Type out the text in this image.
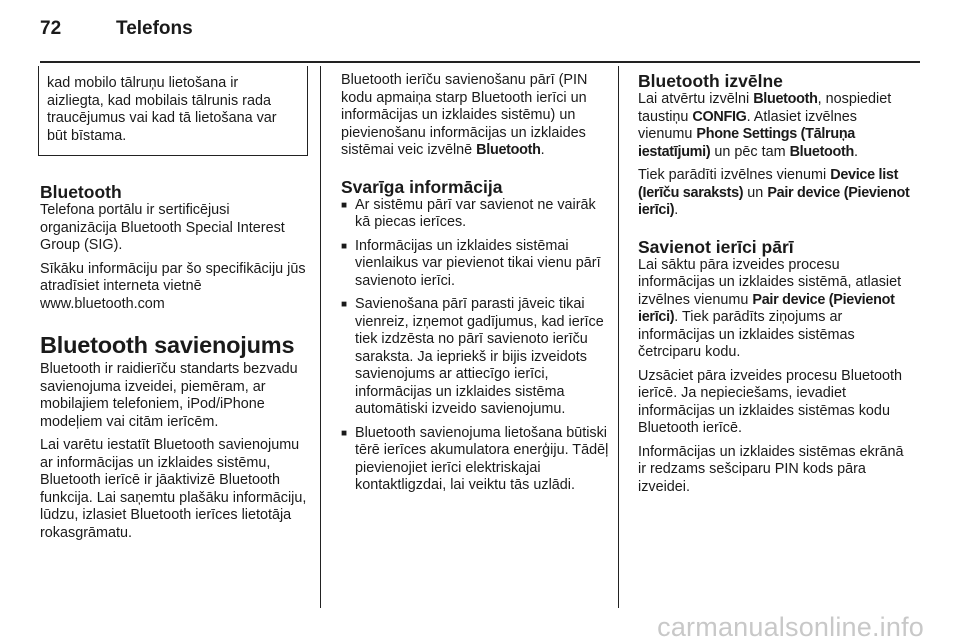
72	Telefons
kad mobilo tālruņu lietošana ir aizliegta, kad mobilais tālrunis rada traucējumus vai kad tā lietošana var būt bīstama.
Bluetooth

Telefona portālu ir sertificējusi organizācija Bluetooth Special Interest Group (SIG).

Sīkāku informāciju par šo specifikāciju jūs atradīsiet interneta vietnē www.bluetooth.com

Bluetooth savienojums

Bluetooth ir raidierīču standarts bezvadu savienojuma izveidei, piemēram, ar mobilajiem telefoniem, iPod/iPhone modeļiem vai citām ierīcēm.

Lai varētu iestatīt Bluetooth savienojumu ar informācijas un izklaides sistēmu, Bluetooth ierīcē ir jāaktivizē Bluetooth funkcija. Lai saņemtu plašāku informāciju, lūdzu, izlasiet Bluetooth ierīces lietotāja rokasgrāmatu.

Bluetooth ierīču savienošanu pārī (PIN kodu apmaiņa starp Bluetooth ierīci un informācijas un izklaides sistēmu) un pievienošanu informācijas un izklaides sistēmai veic izvēlnē Bluetooth.

Svarīga informācija
■ Ar sistēmu pārī var savienot ne vairāk kā piecas ierīces.
■ Informācijas un izklaides sistēmai vienlaikus var pievienot tikai vienu pārī savienoto ierīci.
■ Savienošana pārī parasti jāveic tikai vienreiz, izņemot gadījumus, kad ierīce tiek izdzēsta no pārī savienoto ierīču saraksta. Ja iepriekš ir bijis izveidots savienojums ar attiecīgo ierīci, informācijas un izklaides sistēma automātiski izveido savienojumu.
■ Bluetooth savienojuma lietošana būtiski tērē ierīces akumulatora enerģiju. Tādēļ pievienojiet ierīci elektriskajai kontaktligzdai, lai veiktu tās uzlādi.
Bluetooth izvēlne

Lai atvērtu izvēlni Bluetooth, nospiediet taustiņu CONFIG. Atlasiet izvēlnes vienumu Phone Settings (Tālruņa iestatījumi) un pēc tam Bluetooth.

Tiek parādīti izvēlnes vienumi Device list (Ierīču saraksts) un Pair device (Pievienot ierīci).

Savienot ierīci pārī

Lai sāktu pāra izveides procesu informācijas un izklaides sistēmā, atlasiet izvēlnes vienumu Pair device (Pievienot ierīci). Tiek parādīts ziņojums ar informācijas un izklaides sistēmas četrciparu kodu.

Uzsāciet pāra izveides procesu Bluetooth ierīcē. Ja nepieciešams, ievadiet informācijas un izklaides sistēmas kodu Bluetooth ierīcē.

Informācijas un izklaides sistēmas ekrānā ir redzams sešciparu PIN kods pāra izveidei.

carmanualsonline.info
